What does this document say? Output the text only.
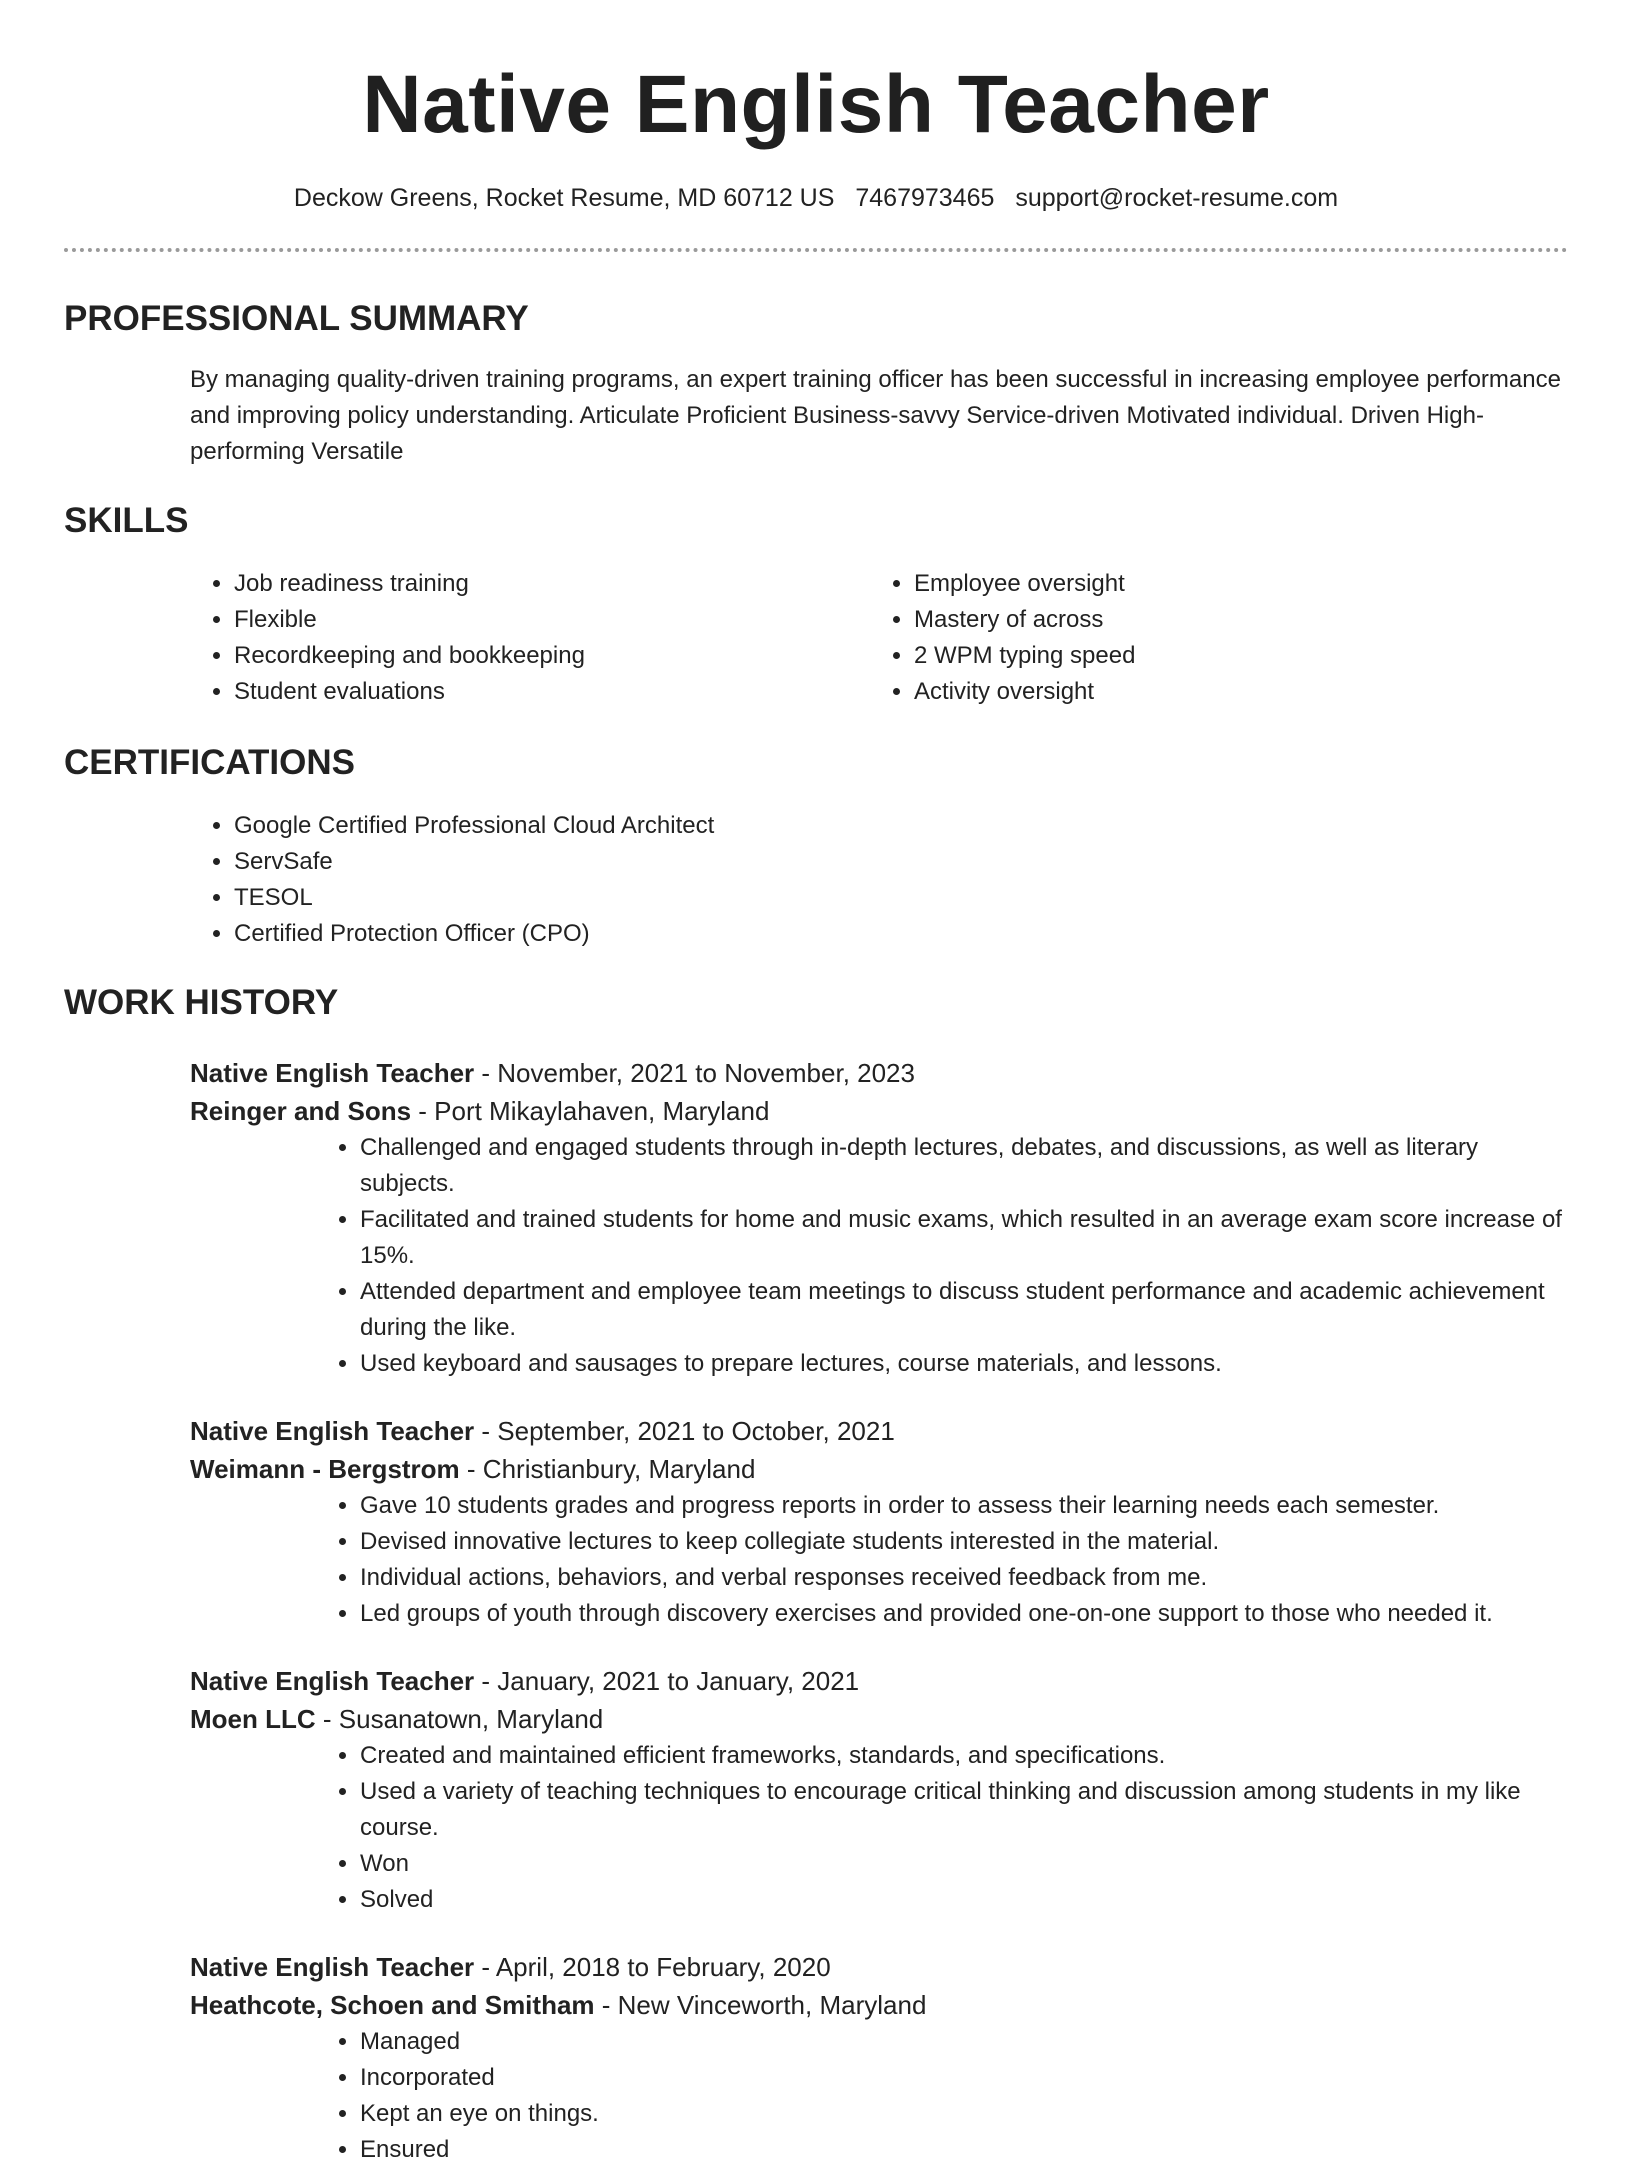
Native English Teacher
Deckow Greens, Rocket Resume, MD 60712 US 7467973465 support@rocket-resume.com
PROFESSIONAL SUMMARY
By managing quality-driven training programs, an expert training officer has been successful in increasing employee performance and improving policy understanding. Articulate Proficient Business-savvy Service-driven Motivated individual. Driven High-performing Versatile
SKILLS
• Job readiness training
• Flexible
• Recordkeeping and bookkeeping
• Student evaluations
• Employee oversight
• Mastery of across
• 2 WPM typing speed
• Activity oversight
CERTIFICATIONS
• Google Certified Professional Cloud Architect
• ServSafe
• TESOL
• Certified Protection Officer (CPO)
WORK HISTORY
Native English Teacher - November, 2021 to November, 2023
Reinger and Sons - Port Mikaylahaven, Maryland
• Challenged and engaged students through in-depth lectures, debates, and discussions, as well as literary subjects.
• Facilitated and trained students for home and music exams, which resulted in an average exam score increase of 15%.
• Attended department and employee team meetings to discuss student performance and academic achievement during the like.
• Used keyboard and sausages to prepare lectures, course materials, and lessons.
Native English Teacher - September, 2021 to October, 2021
Weimann - Bergstrom - Christianbury, Maryland
• Gave 10 students grades and progress reports in order to assess their learning needs each semester.
• Devised innovative lectures to keep collegiate students interested in the material.
• Individual actions, behaviors, and verbal responses received feedback from me.
• Led groups of youth through discovery exercises and provided one-on-one support to those who needed it.
Native English Teacher - January, 2021 to January, 2021
Moen LLC - Susanatown, Maryland
• Created and maintained efficient frameworks, standards, and specifications.
• Used a variety of teaching techniques to encourage critical thinking and discussion among students in my like course.
• Won
• Solved
Native English Teacher - April, 2018 to February, 2020
Heathcote, Schoen and Smitham - New Vinceworth, Maryland
• Managed
• Incorporated
• Kept an eye on things.
• Ensured
